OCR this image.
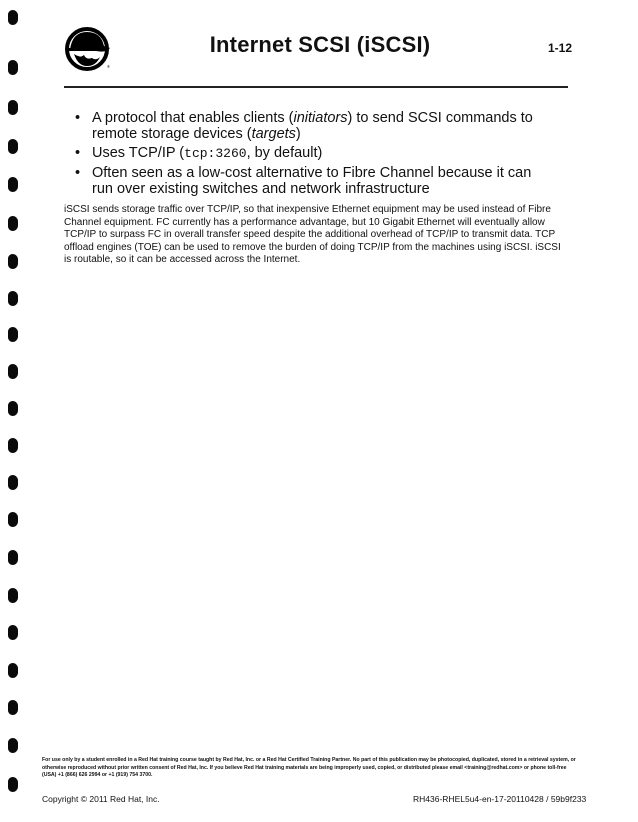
®
Internet SCSI (iSCSI)	1-12
• A protocol that enables clients (initiators) to send SCSI commands to remote storage devices (targets)
• Uses TCP/IP (tcp:3260, by default)
• Often seen as a low-cost alternative to Fibre Channel because it can run over existing switches and network infrastructure

iSCSI sends storage traffic over TCP/IP, so that inexpensive Ethernet equipment may be used instead of Fibre Channel equipment. FC currently has a performance advantage, but 10 Gigabit Ethernet will eventually allow TCP/IP to surpass FC in overall transfer speed despite the additional overhead of TCP/IP to transmit data. TCP offload engines (TOE) can be used to remove the burden of doing TCP/IP from the machines using iSCSI. iSCSI is routable, so it can be accessed across the Internet.

For use only by a student enrolled in a Red Hat training course taught by Red Hat, Inc. or a Red Hat Certified Training Partner. No part of this publication may be photocopied, duplicated, stored in a retrieval system, or otherwise reproduced without prior written consent of Red Hat, Inc. If you believe Red Hat training materials are being improperly used, copied, or distributed please email <training@redhat.com> or phone toll-free (USA) +1 (866) 626 2994 or +1 (919) 754 3700.

Copyright © 2011 Red Hat, Inc.	RH436-RHEL5u4-en-17-20110428 / 59b9f233
